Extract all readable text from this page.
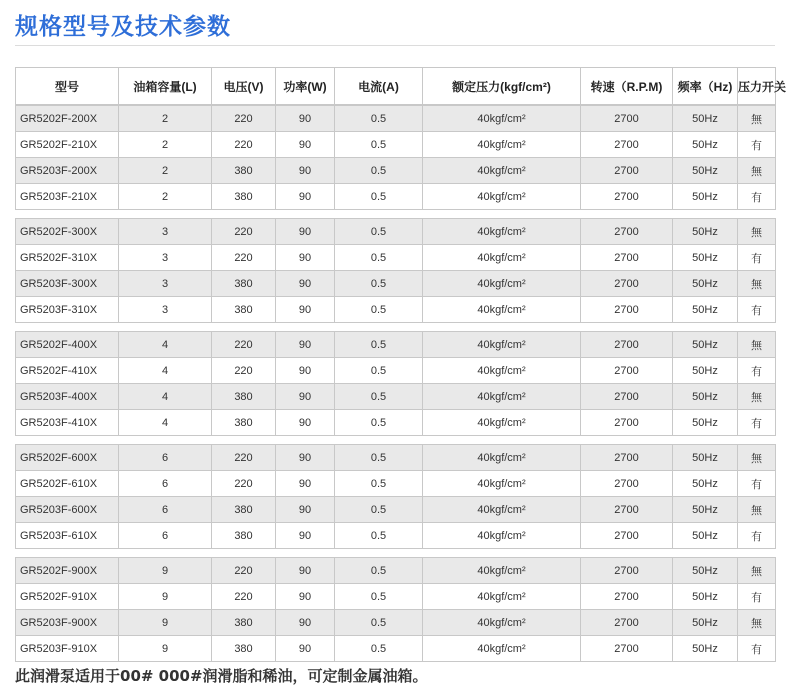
规格型号及技术参数
型号	油箱容量(L)	电压(V)	功率(W)	电流(A)	额定压力(kgf/cm²)	转速（R.P.M)	频率（Hz)	压力开关
GR5202F-200X	2	220	90	0.5	40kgf/cm²	2700	50Hz	無
GR5202F-210X	2	220	90	0.5	40kgf/cm²	2700	50Hz	有
GR5203F-200X	2	380	90	0.5	40kgf/cm²	2700	50Hz	無
GR5203F-210X	2	380	90	0.5	40kgf/cm²	2700	50Hz	有
GR5202F-300X	3	220	90	0.5	40kgf/cm²	2700	50Hz	無
GR5202F-310X	3	220	90	0.5	40kgf/cm²	2700	50Hz	有
GR5203F-300X	3	380	90	0.5	40kgf/cm²	2700	50Hz	無
GR5203F-310X	3	380	90	0.5	40kgf/cm²	2700	50Hz	有
GR5202F-400X	4	220	90	0.5	40kgf/cm²	2700	50Hz	無
GR5202F-410X	4	220	90	0.5	40kgf/cm²	2700	50Hz	有
GR5203F-400X	4	380	90	0.5	40kgf/cm²	2700	50Hz	無
GR5203F-410X	4	380	90	0.5	40kgf/cm²	2700	50Hz	有
GR5202F-600X	6	220	90	0.5	40kgf/cm²	2700	50Hz	無
GR5202F-610X	6	220	90	0.5	40kgf/cm²	2700	50Hz	有
GR5203F-600X	6	380	90	0.5	40kgf/cm²	2700	50Hz	無
GR5203F-610X	6	380	90	0.5	40kgf/cm²	2700	50Hz	有
GR5202F-900X	9	220	90	0.5	40kgf/cm²	2700	50Hz	無
GR5202F-910X	9	220	90	0.5	40kgf/cm²	2700	50Hz	有
GR5203F-900X	9	380	90	0.5	40kgf/cm²	2700	50Hz	無
GR5203F-910X	9	380	90	0.5	40kgf/cm²	2700	50Hz	有
此润滑泵适用于00# 000#润滑脂和稀油，可定制金属油箱。
